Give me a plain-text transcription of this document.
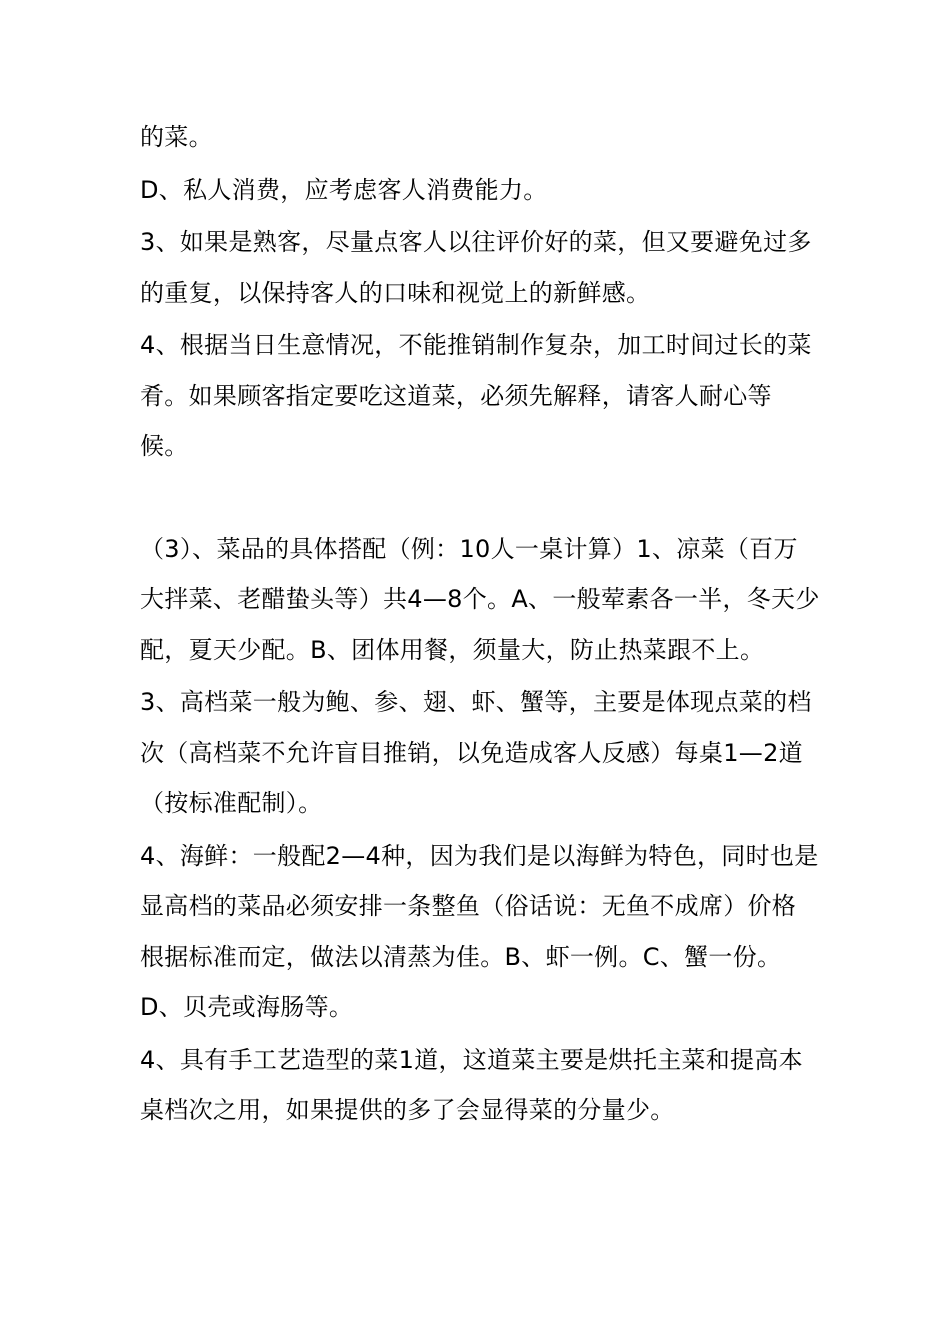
的菜。

D、私人消费，应考虑客人消费能力。

3、如果是熟客，尽量点客人以往评价好的菜，但又要避免过多的重复，以保持客人的口味和视觉上的新鲜感。

4、根据当日生意情况，不能推销制作复杂，加工时间过长的菜肴。如果顾客指定要吃这道菜，必须先解释，请客人耐心等候。

（3）、菜品的具体搭配（例：10人一桌计算）1、凉菜（百万大拌菜、老醋蛰头等）共4—8个。A、一般荤素各一半，冬天少配，夏天少配。B、团体用餐，须量大，防止热菜跟不上。

3、高档菜一般为鲍、参、翅、虾、蟹等，主要是体现点菜的档次（高档菜不允许盲目推销，以免造成客人反感）每桌1—2道（按标准配制）。

4、海鲜：一般配2—4种，因为我们是以海鲜为特色，同时也是显高档的菜品必须安排一条整鱼（俗话说：无鱼不成席）价格根据标准而定，做法以清蒸为佳。B、虾一例。C、蟹一份。D、贝壳或海肠等。

4、具有手工艺造型的菜1道，这道菜主要是烘托主菜和提高本桌档次之用，如果提供的多了会显得菜的分量少。
